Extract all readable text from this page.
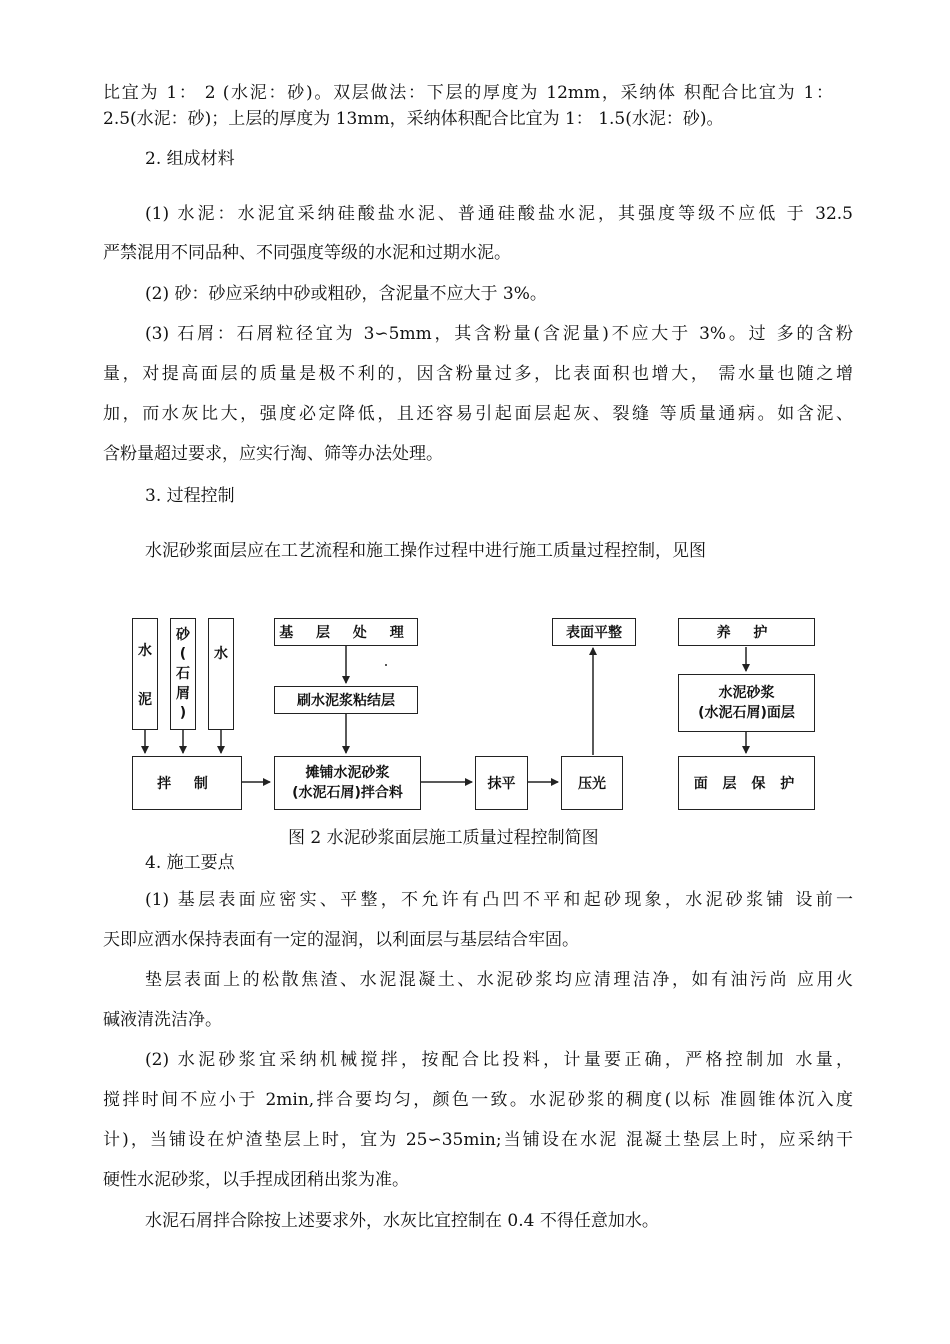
比宜为 1： 2 (水泥：砂)。双层做法：下层的厚度为 12mm，采纳体 积配合比宜为 1：
2.5(水泥：砂)；上层的厚度为 13mm，采纳体积配合比宜为 1： 1.5(水泥：砂)。
2. 组成材料
(1) 水泥：水泥宜采纳硅酸盐水泥、普通硅酸盐水泥，其强度等级不应低 于 32.5
严禁混用不同品种、不同强度等级的水泥和过期水泥。
(2) 砂：砂应采纳中砂或粗砂，含泥量不应大于 3%。
(3) 石屑：石屑粒径宜为 3∽5mm，其含粉量(含泥量)不应大于 3%。过 多的含粉
量，对提高面层的质量是极不利的，因含粉量过多，比表面积也增大， 需水量也随之增
加，而水灰比大，强度必定降低，且还容易引起面层起灰、裂缝 等质量通病。如含泥、
含粉量超过要求，应实行淘、筛等办法处理。
3. 过程控制
水泥砂浆面层应在工艺流程和施工操作过程中进行施工质量过程控制，见图
水
泥
砂
(
石
屑
)
水
拌 制
基 层 处 理
刷水泥浆粘结层
摊铺水泥砂浆
(水泥石屑)拌合料
抹平	压光
表面平整	养 护
水泥砂浆
(水泥石屑)面层
面 层 保 护
图 2 水泥砂浆面层施工质量过程控制简图
4. 施工要点
(1) 基层表面应密实、平整，不允许有凸凹不平和起砂现象，水泥砂浆铺 设前一
天即应洒水保持表面有一定的湿润，以利面层与基层结合牢固。
垫层表面上的松散焦渣、水泥混凝土、水泥砂浆均应清理洁净，如有油污尚 应用火
碱液清洗洁净。
(2) 水泥砂浆宜采纳机械搅拌，按配合比投料，计量要正确，严格控制加 水量，
搅拌时间不应小于 2min,拌合要均匀，颜色一致。水泥砂浆的稠度(以标 准圆锥体沉入度
计)，当铺设在炉渣垫层上时，宜为 25∽35min;当铺设在水泥 混凝土垫层上时，应采纳干
硬性水泥砂浆，以手捏成团稍出浆为准。
水泥石屑拌合除按上述要求外，水灰比宜控制在 0.4 不得任意加水。
